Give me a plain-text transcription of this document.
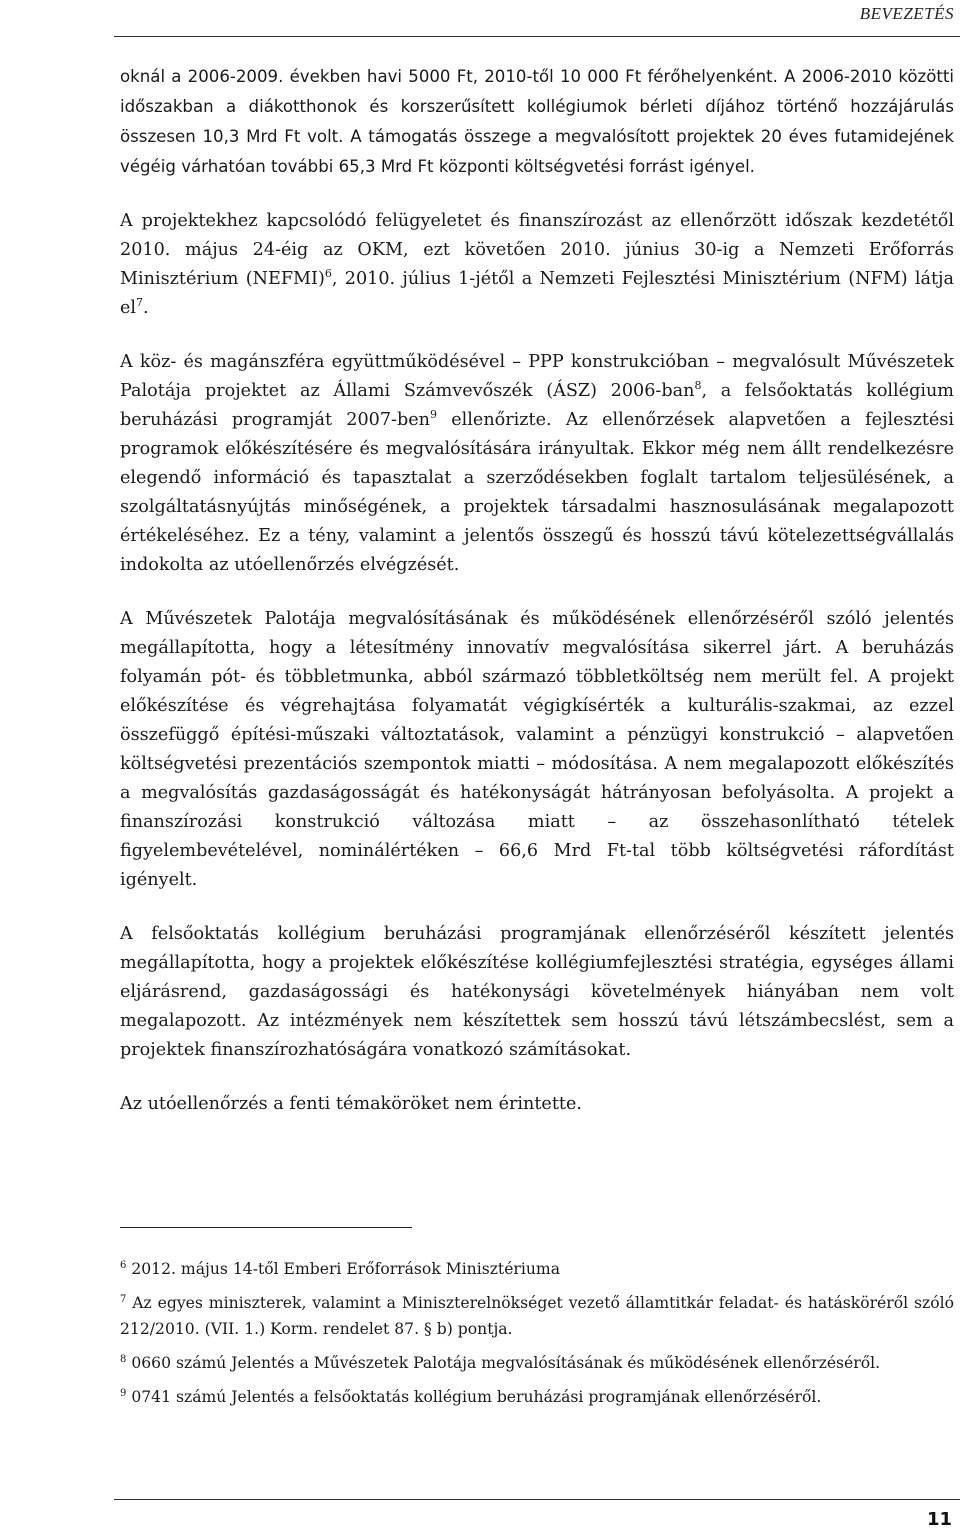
BEVEZETÉS

oknál a 2006-2009. években havi 5000 Ft, 2010-től 10 000 Ft férőhelyenként. A 2006-2010 közötti időszakban a diákotthonok és korszerűsített kollégiumok bérleti díjához történő hozzájárulás összesen 10,3 Mrd Ft volt. A támogatás összege a megvalósított projektek 20 éves futamidejének végéig várhatóan további 65,3 Mrd Ft központi költségvetési forrást igényel.

A projektekhez kapcsolódó felügyeletet és finanszírozást az ellenőrzött időszak kezdetétől 2010. május 24-éig az OKM, ezt követően 2010. június 30-ig a Nemzeti Erőforrás Minisztérium (NEFMI)$^6$, 2010. július 1-jétől a Nemzeti Fejlesztési Minisztérium (NFM) látja $el^7$.

A köz- és magánszféra együttműködésével – PPP konstrukcióban – megvalósult Művészetek Palotája projektet az Állami Számvevőszék (ÁSZ) 2006-ban$^8$, a felsőoktatás kollégium beruházási programját 2007-ben$^9$ ellenőrizte. Az ellenőrzések alapvetően a fejlesztési programok előkészítésére és megvalósítására irányultak. Ekkor még nem állt rendelkezésre elegendő információ és tapasztalat a szerződésekben foglalt tartalom teljesülésének, a szolgáltatásnyújtás minőségének, a projektek társadalmi hasznosulásának megalapozott értékeléséhez. Ez a tény, valamint a jelentős összegű és hosszú távú kötelezettségvállalás indokolta az utóellenőrzés elvégzését.

A Művészetek Palotája megvalósításának és működésének ellenőrzéséről szóló jelentés megállapította, hogy a létesítmény innovatív megvalósítása sikerrel járt. A beruházás folyamán pót- és többletmunka, abból származó többletköltség nem merült fel. A projekt előkészítése és végrehajtása folyamatát végigkísérték a kulturális-szakmai, az ezzel összefüggő építési-műszaki változtatások, valamint a pénzügyi konstrukció – alapvetően költségvetési prezentációs szempontok miatti – módosítása. A nem megalapozott előkészítés a megvalósítás gazdaságosságát és hatékonyságát hátrányosan befolyásolta. A projekt a finanszírozási konstrukció változása miatt – az összehasonlítható tételek figyelembevételével, nominálértéken – 66,6 Mrd Ft-tal több költségvetési ráfordítást igényelt.

A felsőoktatás kollégium beruházási programjának ellenőrzéséről készített jelentés megállapította, hogy a projektek előkészítése kollégiumfejlesztési stratégia, egységes állami eljárásrend, gazdaságossági és hatékonysági követelmények hiányában nem volt megalapozott. Az intézmények nem készítettek sem hosszú távú létszámbecslést, sem a projektek finanszírozhatóságára vonatkozó számításokat.

Az utóellenőrzés a fenti témaköröket nem érintette.

$^6$ 2012. május 14-től Emberi Erőforrások Minisztériuma

$^7$ Az egyes miniszterek, valamint a Miniszterelnökséget vezető államtitkár feladat- és hatásköréről szóló 212/2010. (VII. 1.) Korm. rendelet 87. § b) pontja.

$^8$ 0660 számú Jelentés a Művészetek Palotája megvalósításának és működésének ellenőrzéséről.

$^9$ 0741 számú Jelentés a felsőoktatás kollégium beruházási programjának ellenőrzéséről.

11
